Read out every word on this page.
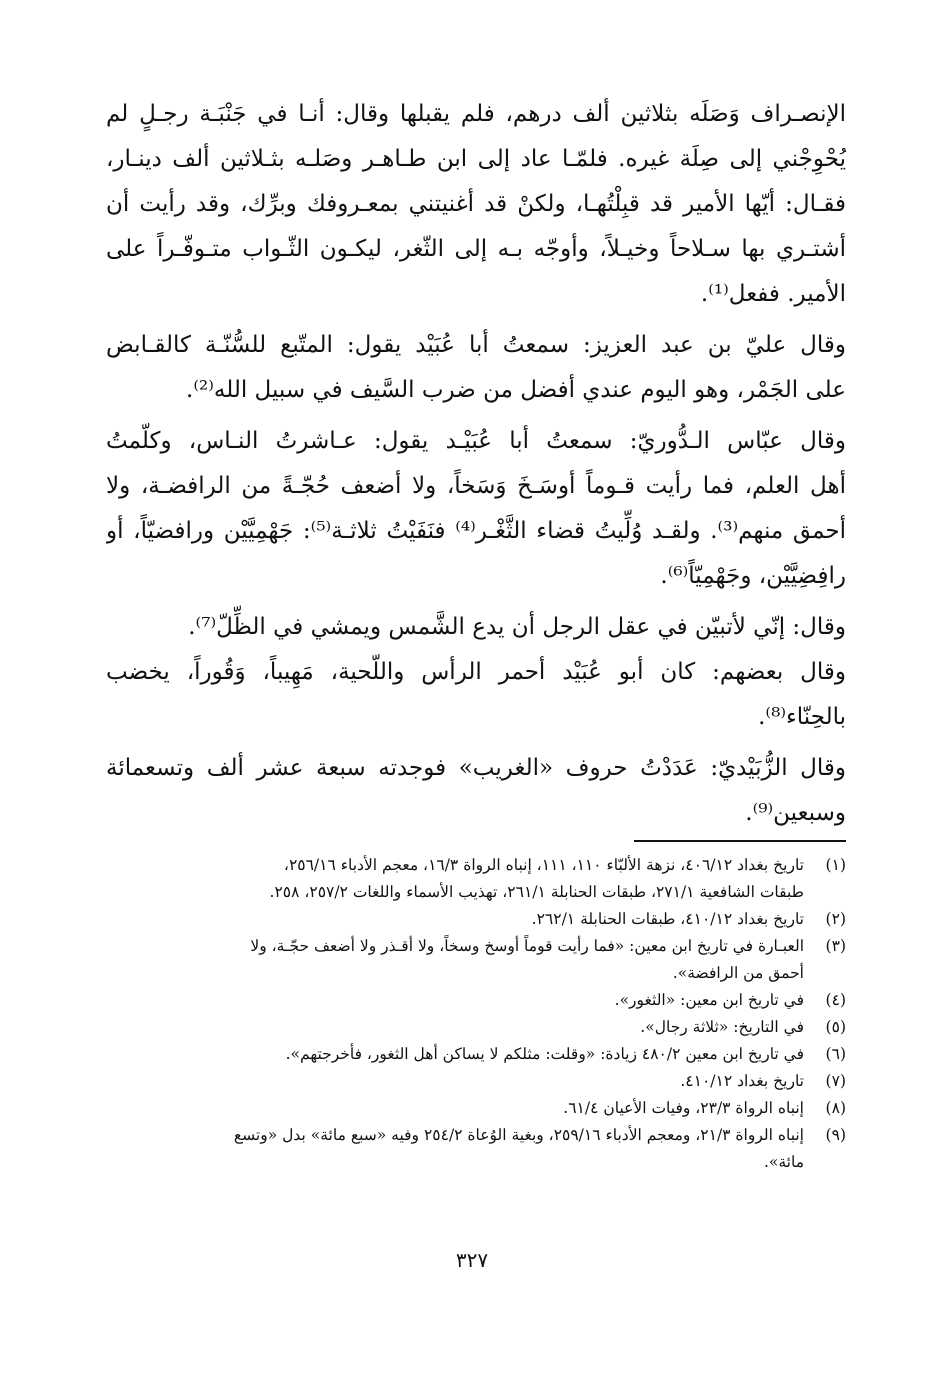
الإنصـراف وَصَلَه بثلاثين ألف درهم، فلم يقبلها وقال: أنـا في جَنْبَـة رجـلٍ لم
يُحْوِجْني إلى صِلَة غيره. فلمّـا عاد إلى ابن طـاهـر وصَلـه بثـلاثين ألف دينـار،
فقـال: أيّها الأمير قد قبِلْتُهـا، ولكنْ قد أغنيتني بمعـروفك وبرِّك، وقد رأيت أن
أشتـري بها سـلاحاً وخيـلاً، وأوجّه بـه إلى الثّغر، ليكـون الثّـواب متـوفّـراً على
الأمير. ففعل⁽¹⁾.
وقال عليّ بن عبد العزيز: سمعتُ أبا عُبَيْد يقول: المتّبع للسُّنّـة كالقـابض
على الجَمْر، وهو اليوم عندي أفضل من ضرب السَّيف في سبيل الله⁽²⁾.
وقال عبّاس الـدُّوريّ: سمعتُ أبا عُبَيْـد يقول: عـاشرتُ النـاس، وكلّمتُ
أهل العلم، فما رأيت قـوماً أوسَـخَ وَسَخاً، ولا أضعف حُجّـةً من الرافضـة، ولا
أحمق منهم⁽³⁾. ولقـد وُلِّيتُ قضاء الثَّغْـر⁽⁴⁾ فنَفَيْتُ ثلاثـة⁽⁵⁾: جَهْمِيَّيْن ورافضيّاً، أو
رافِضِيَّيْن، وجَهْمِيّاً⁽⁶⁾.
وقال: إنّي لأتبيّن في عقل الرجل أن يدع الشَّمس ويمشي في الظِّلّ⁽⁷⁾.
وقال بعضهم: كان أبو عُبَيْد أحمر الرأس واللّحية، مَهِيباً، وَقُوراً، يخضب
بالحِنّاء⁽⁸⁾.
وقال الزُّبَيْديّ: عَدَدْتُ حروف «الغريب» فوجدته سبعة عشر ألف وتسعمائة
وسبعين⁽⁹⁾.
(١)
تاريخ بغداد ٤٠٦/١٢، نزهة الألبّاء ١١٠، ١١١، إنباه الرواة ١٦/٣، معجم الأدباء ٢٥٦/١٦،
طبقات الشافعية ٢٧١/١، طبقات الحنابلة ٢٦١/١، تهذيب الأسماء واللغات ٢٥٧/٢، ٢٥٨.
(٢)
تاريخ بغداد ٤١٠/١٢، طبقات الحنابلة ٢٦٢/١.
(٣)
العبـارة في تاريخ ابن معين: «فما رأيت قوماً أوسخ وسخاً، ولا أقـذر ولا أضعف حجّـة، ولا
أحمق من الرافضة».
(٤)
في تاريخ ابن معين: «الثغور».
(٥)
في التاريخ: «ثلاثة رجال».
(٦)
في تاريخ ابن معين ٤٨٠/٢ زيادة: «وقلت: مثلكم لا يساكن أهل الثغور، فأخرجتهم».
(٧)
تاريخ بغداد ٤١٠/١٢.
(٨)
إنباه الرواة ٢٣/٣، وفيات الأعيان ٦١/٤.
(٩)
إنباه الرواة ٢١/٣، ومعجم الأدباء ٢٥٩/١٦، وبغية الوُعاة ٢٥٤/٢ وفيه «سبع مائة» بدل «وتسع
مائة».
٣٢٧
